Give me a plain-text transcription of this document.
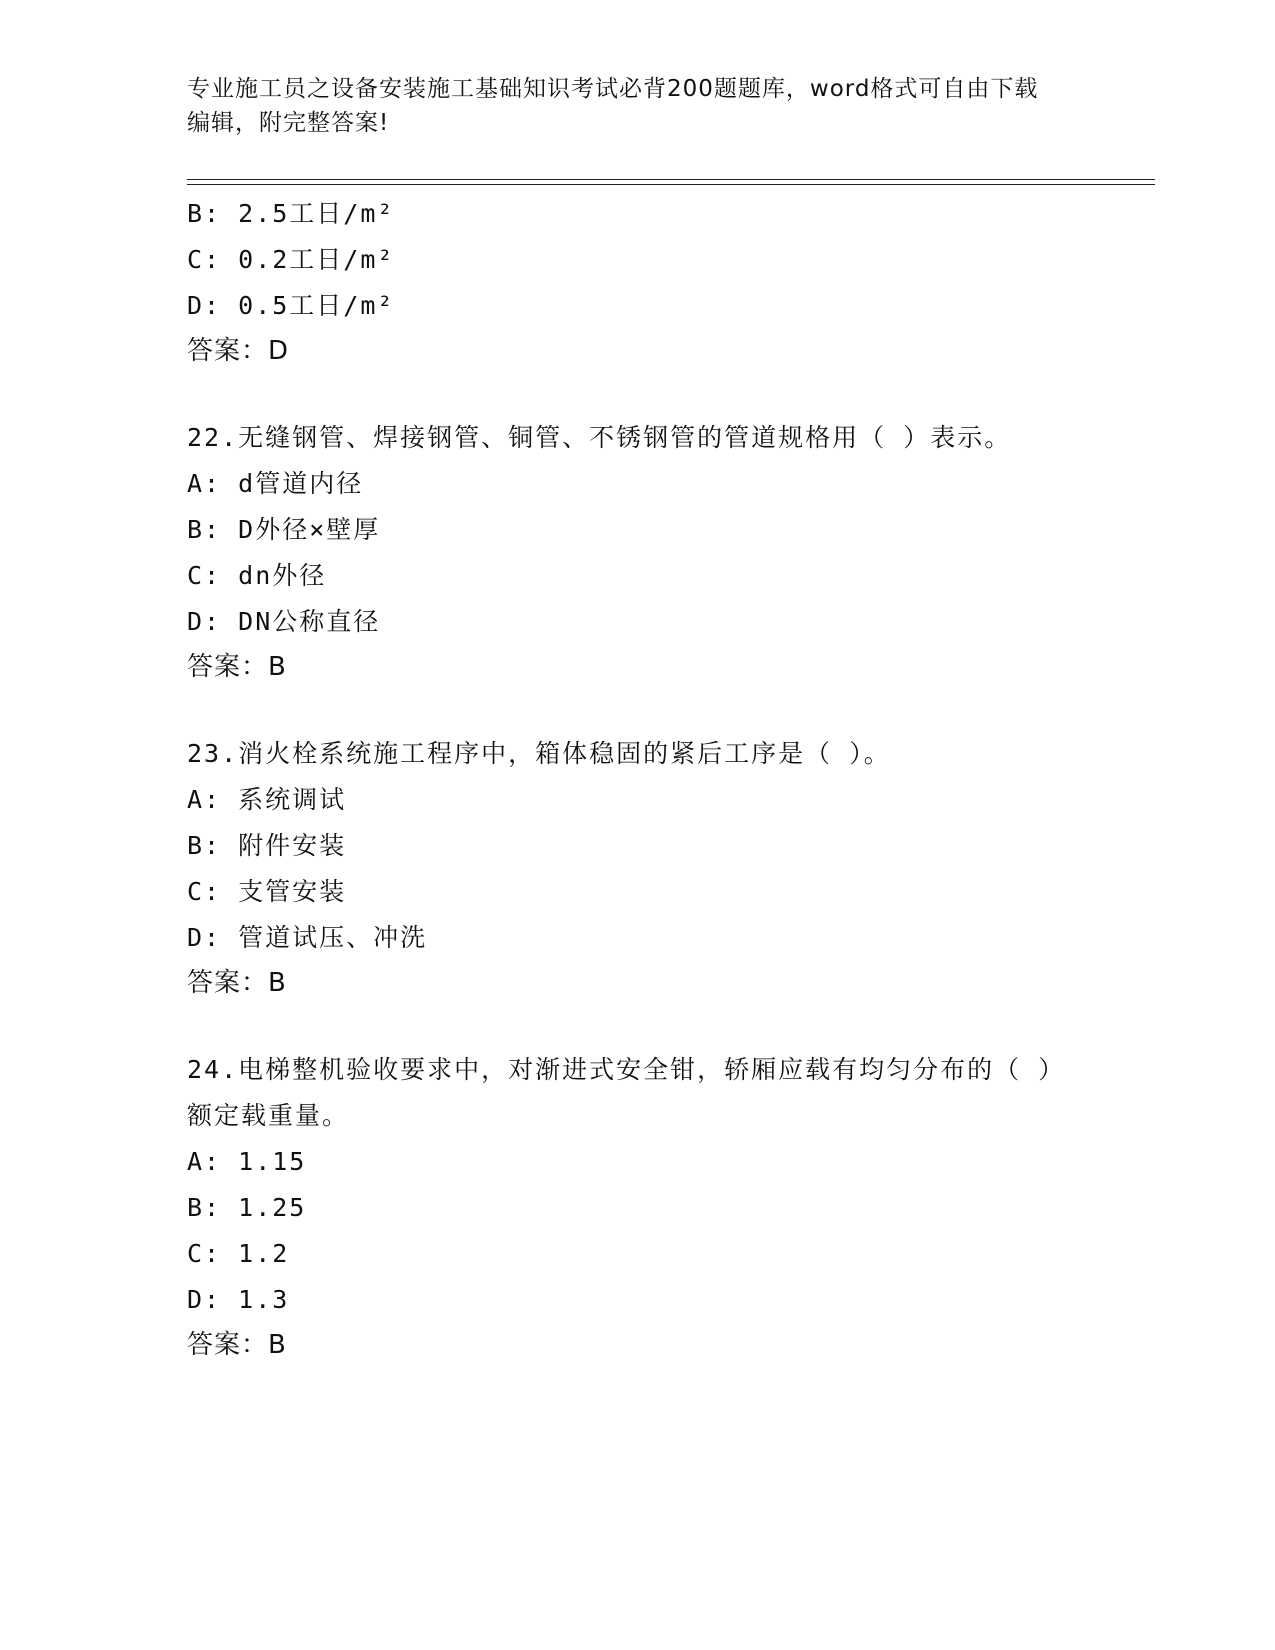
专业施工员之设备安装施工基础知识考试必背200题题库，word格式可自由下载
编辑，附完整答案!
B: 2.5工日/m²
C: 0.2工日/m²
D: 0.5工日/m²
答案：D
22.无缝钢管、焊接钢管、铜管、不锈钢管的管道规格用（ ）表示。
A: d管道内径
B: D外径×壁厚
C: dn外径
D: DN公称直径
答案：B
23.消火栓系统施工程序中，箱体稳固的紧后工序是（ ）。
A: 系统调试
B: 附件安装
C: 支管安装
D: 管道试压、冲洗
答案：B
24.电梯整机验收要求中，对渐进式安全钳，轿厢应载有均匀分布的（ ）额定载重量。
A: 1.15
B: 1.25
C: 1.2
D: 1.3
答案：B
